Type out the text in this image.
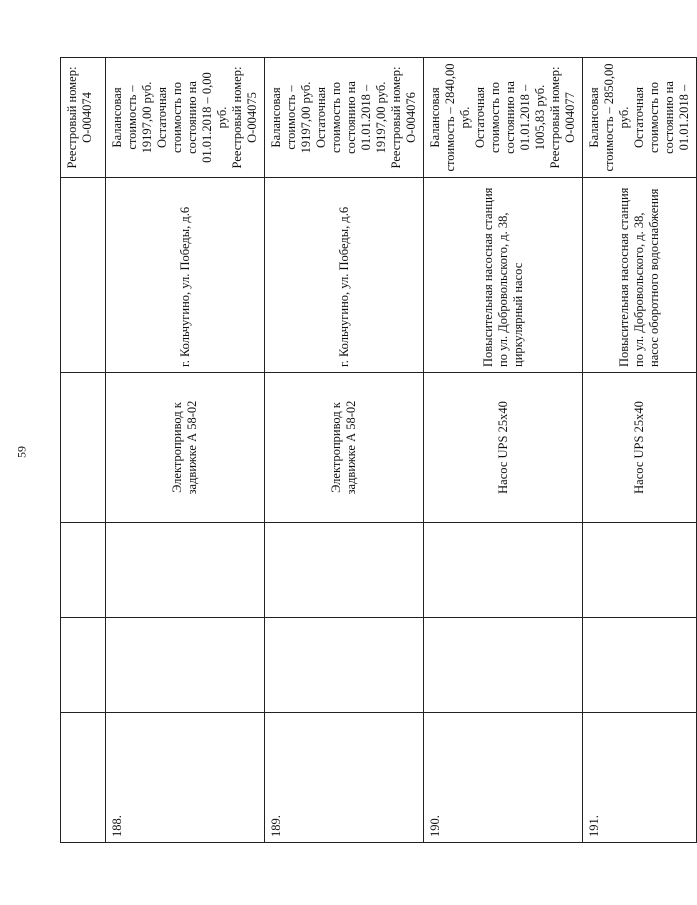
59

					Реестровый номер: О-004074

188.			Электропривод к задвижке А 58-02	г. Кольчугино, ул. Победы, д.6	Балансовая стоимость – 19197,00 руб. Остаточная стоимость по состоянию на 01.01.2018 – 0,00 руб. Реестровый номер: О-004075

189.			Электропривод к задвижке А 58-02	г. Кольчугино, ул. Победы, д.6	Балансовая стоимость – 19197,00 руб. Остаточная стоимость по состоянию на 01.01.2018 – 19197,00 руб. Реестровый номер: О-004076

190.			Насос UPS 25х40	Повысительная насосная станция по ул. Добровольского, д. 38, циркулярный насос	Балансовая стоимость – 2840,00 руб. Остаточная стоимость по состоянию на 01.01.2018 – 1005,83 руб. Реестровый номер: О-004077

191.			Насос UPS 25х40	Повысительная насосная станция по ул. Добровольского, д. 38, насос оборотного водоснабжения	Балансовая стоимость – 2850,00 руб. Остаточная стоимость по состоянию на 01.01.2018 –
